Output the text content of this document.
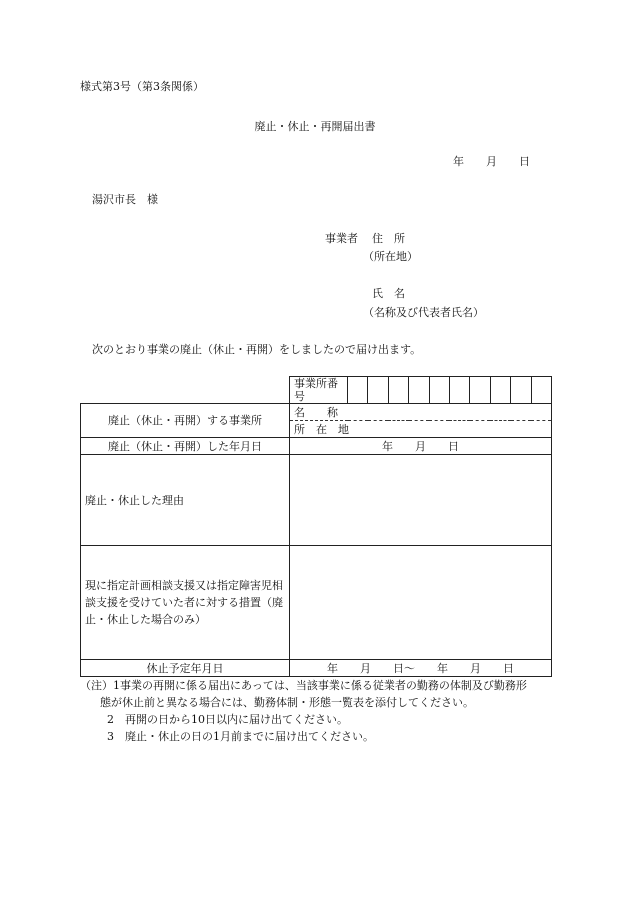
様式第3号（第3条関係）
廃止・休止・再開届出書
年　　月　　日
湯沢市長　様
事業者 住　所
（所在地）
氏　名
（名称及び代表者氏名）
次のとおり事業の廃止（休止・再開）をしましたので届け出ます。
	事業所番号										
廃止（休止・再開）する事業所	名　　称										
	所　在　地										
廃止（休止・再開）した年月日	年　　月　　日										
廃止・休止した理由											
現に指定計画相談支援又は指定障害児相談支援を受けていた者に対する措置（廃止・休止した場合のみ）											
休止予定年月日	年　　月　　日～　　年　　月　　日										
（注）1 事業の再開に係る届出にあっては、当該事業に係る従業者の勤務の体制及び勤務形
態が休止前と異なる場合には、勤務体制・形態一覧表を添付してください。
2　再開の日から10日以内に届け出てください。
3　廃止・休止の日の1月前までに届け出てください。
